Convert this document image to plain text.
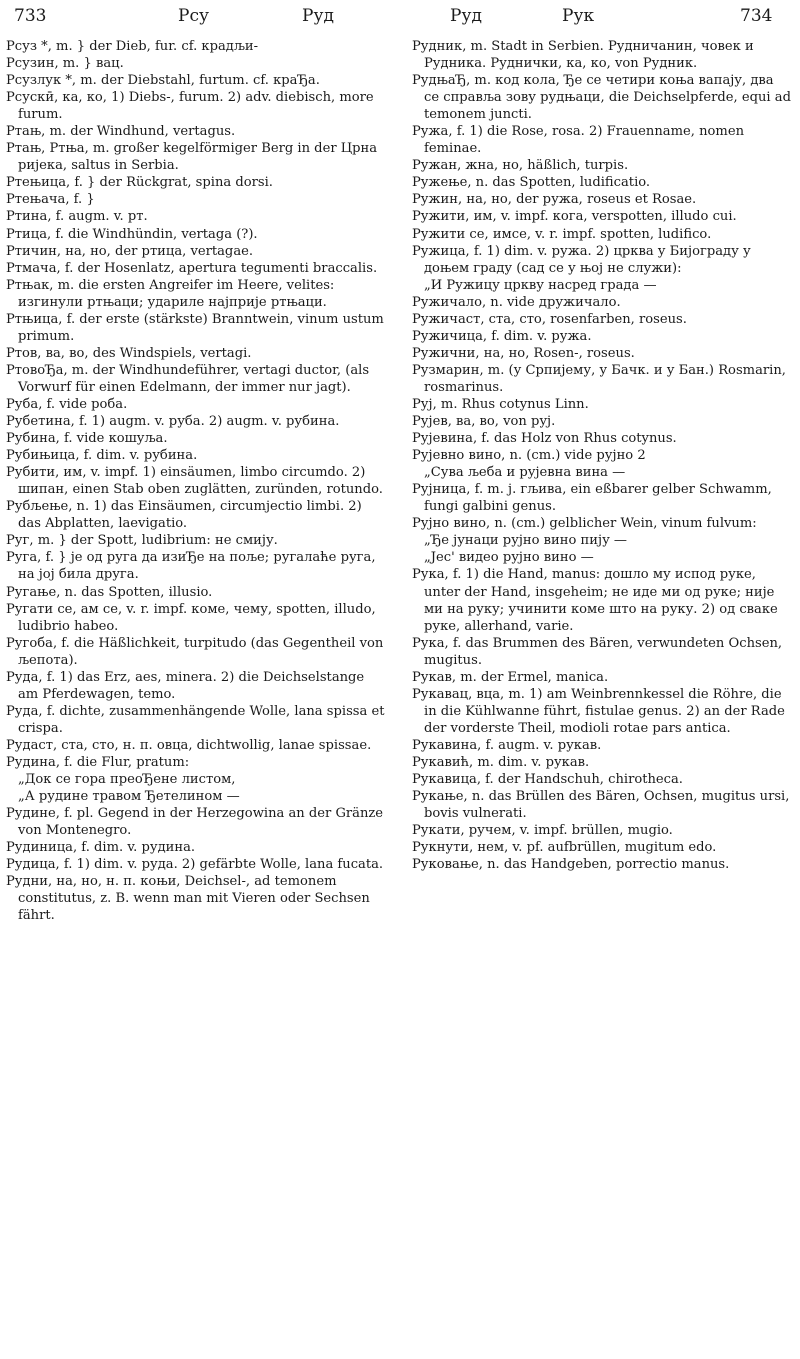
733	Рсу	Руд	Руд	Рук	734

Рсуз *, m. } der Dieb, fur. cf. крадљи-

Рсузин, m. } вац.

Рсузлук *, m. der Diebstahl, furtum. cf. краЂа.

Рсускӣ, ка, ко, 1) Diebs-, furum. 2) adv. diebisch, more furum.

Ртањ, m. der Windhund, vertagus.

Ртањ, Ртња, m. großer kegelförmiger Berg in der Црна ријека, saltus in Serbia.

Ртењица, f. } der Rückgrat, spina dorsi.

Ртењача, f. }

Ртина, f. augm. v. рт.

Ртица, f. die Windhündin, vertaga (?).

Ртичин, на, но, der ртица, vertagae.

Ртмача, f. der Hosenlatz, apertura tegumenti braccalis.

Ртњак, m. die ersten Angreifer im Heere, velites: изгинули ртњаци; удариле најприје ртњаци.

Ртњица, f. der erste (stärkste) Branntwein, vinum ustum primum.

Ртов, ва, во, des Windspiels, vertagi.

РтовоЂа, m. der Windhundeführer, vertagi ductor, (als Vorwurf für einen Edelmann, der immer nur jagt).

Руба, f. vide роба.

Рубетина, f. 1) augm. v. руба. 2) augm. v. рубина.

Рубина, f. vide кошуља.

Рубињица, f. dim. v. рубина.

Рубити, им, v. impf. 1) einsäumen, limbo circumdo. 2) шипан, einen Stab oben zuglätten, zuründen, rotundo.

Рубљење, n. 1) das Einsäumen, circumjectio limbi. 2) das Abplatten, laevigatio.

Руг, m. } der Spott, ludibrium: не смију.

Руга, f. } је од руга да изиЂе на поље; ругалаће руга, на јој била друга.

Ругање, n. das Spotten, illusio.

Ругати се, ам се, v. r. impf. коме, чему, spotten, illudo, ludibrio habeo.

Ругоба, f. die Häßlichkeit, turpitudo (das Gegentheil von љепота).

Руда, f. 1) das Erz, aes, minera. 2) die Deichselstange am Pferdewagen, temo.

Руда, f. dichte, zusammenhängende Wolle, lana spissa et crispa.

Рудаст, ста, сто, н. п. овца, dichtwollig, lanae spissae.

Рудина, f. die Flur, pratum:

„Док се гора преоЂене листом,
„А рудине травом Ђетелином —

Рудине, f. pl. Gegend in der Herzegowina an der Gränze von Montenegro.

Рудиница, f. dim. v. рудина.

Рудица, f. 1) dim. v. руда. 2) gefärbte Wolle, lana fucata.

Рудни, на, но, н. п. коњи, Deichsel-, ad temonem constitutus, z. B. wenn man mit Vieren oder Sechsen fährt.

Рудник, m. Stadt in Serbien. Рудничанин, човек и Рудника. Руднички, ка, ко, von Рудник.

РудњаЂ, m. код кола, Ђе се четири коња вапају, два се справља зову рудњаци, die Deichselpferde, equi ad temonem juncti.

Ружа, f. 1) die Rose, rosa. 2) Frauenname, nomen feminae.

Ружан, жна, но, häßlich, turpis.

Ружење, n. das Spotten, ludificatio.

Ружин, на, но, der ружа, roseus et Rosae.

Ружити, им, v. impf. кога, verspotten, illudo cui.

Ружити се, имсе, v. r. impf. spotten, ludifico.

Ружица, f. 1) dim. v. ружа. 2) црква у Бијограду у доњем граду (сад се у њој не служи):

„И Ружицу цркву насред града —

Ружичало, n. vide дружичало.

Ружичаст, ста, сто, rosenfarben, roseus.

Ружичица, f. dim. v. ружа.

Ружични, на, но, Rosen-, roseus.

Рузмарин, m. (у Српијему, у Бачк. и у Бан.) Rosmarin, rosmarinus.

Руј, m. Rhus cotynus Linn.

Рујев, ва, во, von руј.

Рујевина, f. das Holz von Rhus cotynus.

Рујевно вино, n. (cm.) vide рујно 2

„Сува љеба и рујевна вина —

Рујница, f. m. j. гљива, ein eßbarer gelber Schwamm, fungi galbini genus.

Рујно вино, n. (cm.) gelblicher Wein, vinum fulvum:

„Ђе јунаци рујно вино пију —
„Јес' видео рујно вино —

Рука, f. 1) die Hand, manus: дошло му испод руке, unter der Hand, insgeheim; не иде ми од руке; није ми на руку; учинити коме што на руку. 2) од сваке руке, allerhand, varie.

Рука, f. das Brummen des Bären, verwundeten Ochsen, mugitus.

Рукав, m. der Ermel, manica.

Рукавац, вца, m. 1) am Weinbrennkessel die Röhre, die in die Kühlwanne führt, fistulae genus. 2) an der Rade der vorderste Theil, modioli rotae pars antica.

Рукавина, f. augm. v. рукав.

Рукавић, m. dim. v. рукав.

Рукавица, f. der Handschuh, chirotheca.

Рукање, n. das Brüllen des Bären, Ochsen, mugitus ursi, bovis vulnerati.

Рукати, ручем, v. impf. brüllen, mugio.

Рукнути, нем, v. pf. aufbrüllen, mugitum edo.

Руковање, n. das Handgeben, porrectio manus.
